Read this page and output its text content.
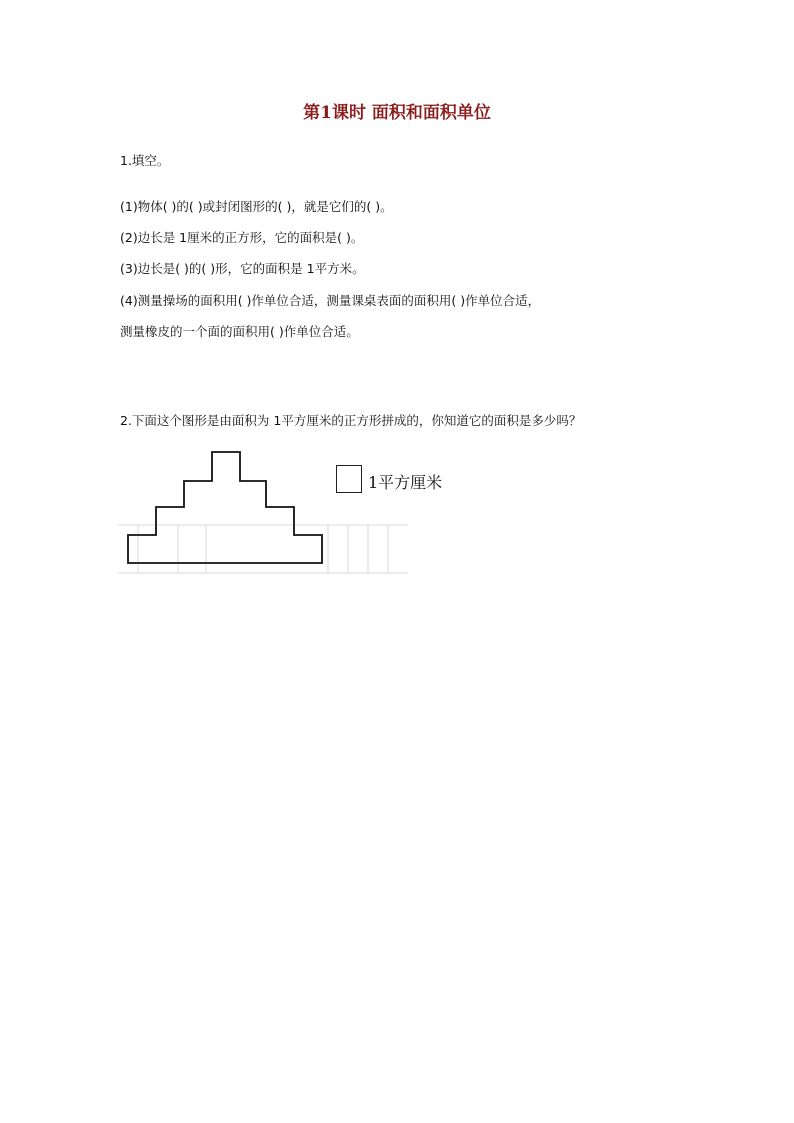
第1课时 面积和面积单位
1.填空。
(1)物体( )的( )或封闭图形的( )，就是它们的( )。
(2)边长是 1厘米的正方形，它的面积是( )。
(3)边长是( )的( )形，它的面积是 1平方米。
(4)测量操场的面积用( )作单位合适，测量课桌表面的面积用( )作单位合适，
测量橡皮的一个面的面积用( )作单位合适。
2.下面这个图形是由面积为 1平方厘米的正方形拼成的，你知道它的面积是多少吗？
1平方厘米
